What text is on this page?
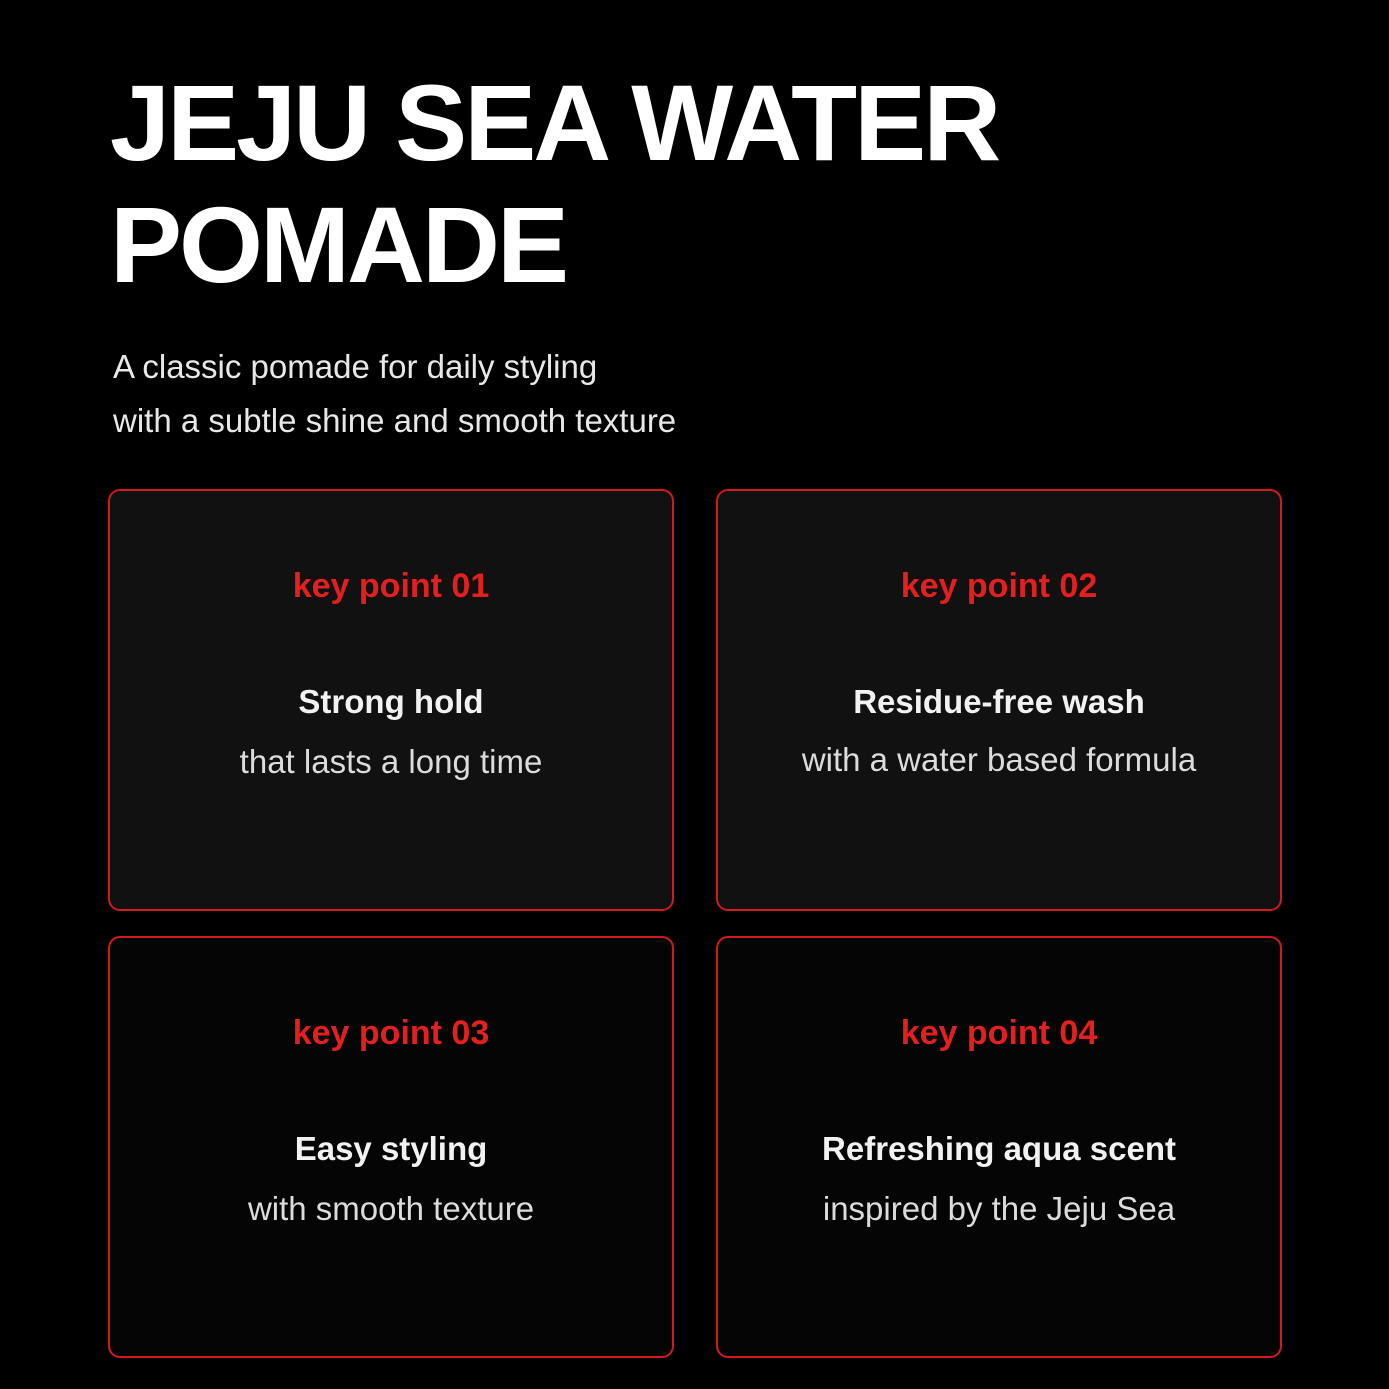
JEJU SEA WATER
POMADE
A classic pomade for daily styling
with a subtle shine and smooth texture
key point 01
Strong hold
that lasts a long time
key point 02
Residue-free wash
with a water based formula
key point 03
Easy styling
with smooth texture
key point 04
Refreshing aqua scent
inspired by the Jeju Sea
